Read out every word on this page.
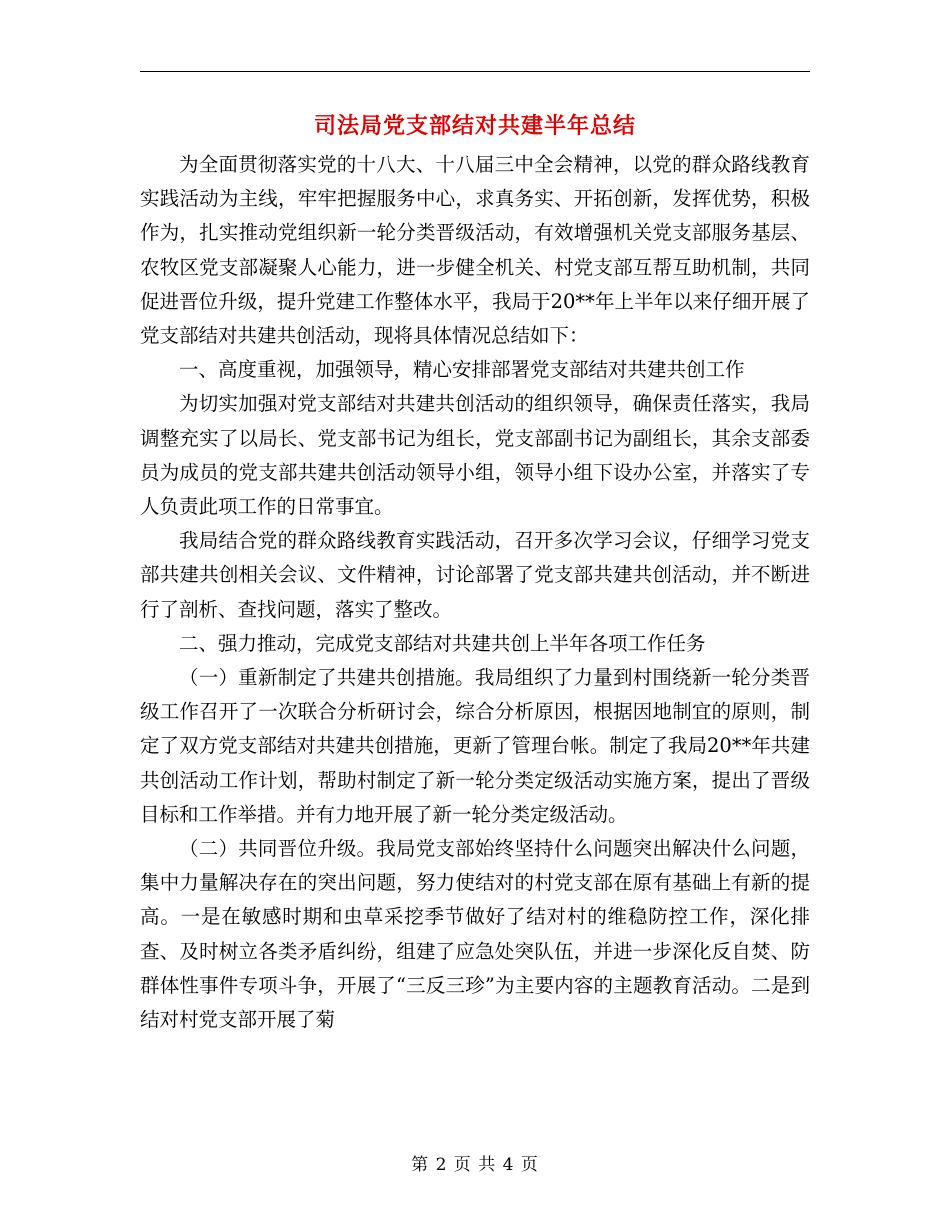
司法局党支部结对共建半年总结

为全面贯彻落实党的十八大、十八届三中全会精神，以党的群众路线教育实践活动为主线，牢牢把握服务中心，求真务实、开拓创新，发挥优势，积极作为，扎实推动党组织新一轮分类晋级活动，有效增强机关党支部服务基层、农牧区党支部凝聚人心能力，进一步健全机关、村党支部互帮互助机制，共同促进晋位升级，提升党建工作整体水平，我局于20**年上半年以来仔细开展了党支部结对共建共创活动，现将具体情况总结如下：

一、高度重视，加强领导，精心安排部署党支部结对共建共创工作

为切实加强对党支部结对共建共创活动的组织领导，确保责任落实，我局调整充实了以局长、党支部书记为组长，党支部副书记为副组长，其余支部委员为成员的党支部共建共创活动领导小组，领导小组下设办公室，并落实了专人负责此项工作的日常事宜。

我局结合党的群众路线教育实践活动，召开多次学习会议，仔细学习党支部共建共创相关会议、文件精神，讨论部署了党支部共建共创活动，并不断进行了剖析、查找问题，落实了整改。

二、强力推动，完成党支部结对共建共创上半年各项工作任务

（一）重新制定了共建共创措施。我局组织了力量到村围绕新一轮分类晋级工作召开了一次联合分析研讨会，综合分析原因，根据因地制宜的原则，制定了双方党支部结对共建共创措施，更新了管理台帐。制定了我局20**年共建共创活动工作计划，帮助村制定了新一轮分类定级活动实施方案，提出了晋级目标和工作举措。并有力地开展了新一轮分类定级活动。

（二）共同晋位升级。我局党支部始终坚持什么问题突出解决什么问题，集中力量解决存在的突出问题，努力使结对的村党支部在原有基础上有新的提高。一是在敏感时期和虫草采挖季节做好了结对村的维稳防控工作，深化排查、及时树立各类矛盾纠纷，组建了应急处突队伍，并进一步深化反自焚、防群体性事件专项斗争，开展了“三反三珍”为主要内容的主题教育活动。二是到结对村党支部开展了菊

第 2 页 共 4 页
